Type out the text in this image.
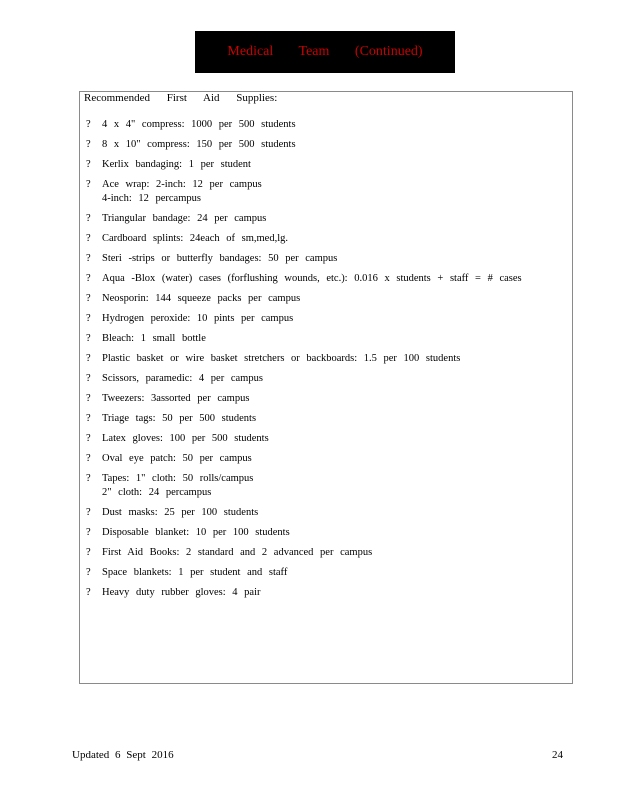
Medical Team (Continued)
Recommended First Aid Supplies:
? 4 x 4" compress: 1000 per 500 students
? 8 x 10" compress: 150 per 500 students
? Kerlix bandaging: 1 per student
? Ace wrap: 2-inch: 12 per campus
4-inch: 12 percampus
? Triangular bandage: 24 per campus
? Cardboard splints: 24each of sm,med,lg.
? Steri -strips or butterfly bandages: 50 per campus
? Aqua -Blox (water) cases (forflushing wounds, etc.): 0.016 x students + staff = # cases
? Neosporin: 144 squeeze packs per campus
? Hydrogen peroxide: 10 pints per campus
? Bleach: 1 small bottle
? Plastic basket or wire basket stretchers or backboards: 1.5 per 100 students
? Scissors, paramedic: 4 per campus
? Tweezers: 3assorted per campus
? Triage tags: 50 per 500 students
? Latex gloves: 100 per 500 students
? Oval eye patch: 50 per campus
? Tapes: 1" cloth: 50 rolls/campus
2" cloth: 24 percampus
? Dust masks: 25 per 100 students
? Disposable blanket: 10 per 100 students
? First Aid Books: 2 standard and 2 advanced per campus
? Space blankets: 1 per student and staff
? Heavy duty rubber gloves: 4 pair
Updated 6 Sept 2016	24
